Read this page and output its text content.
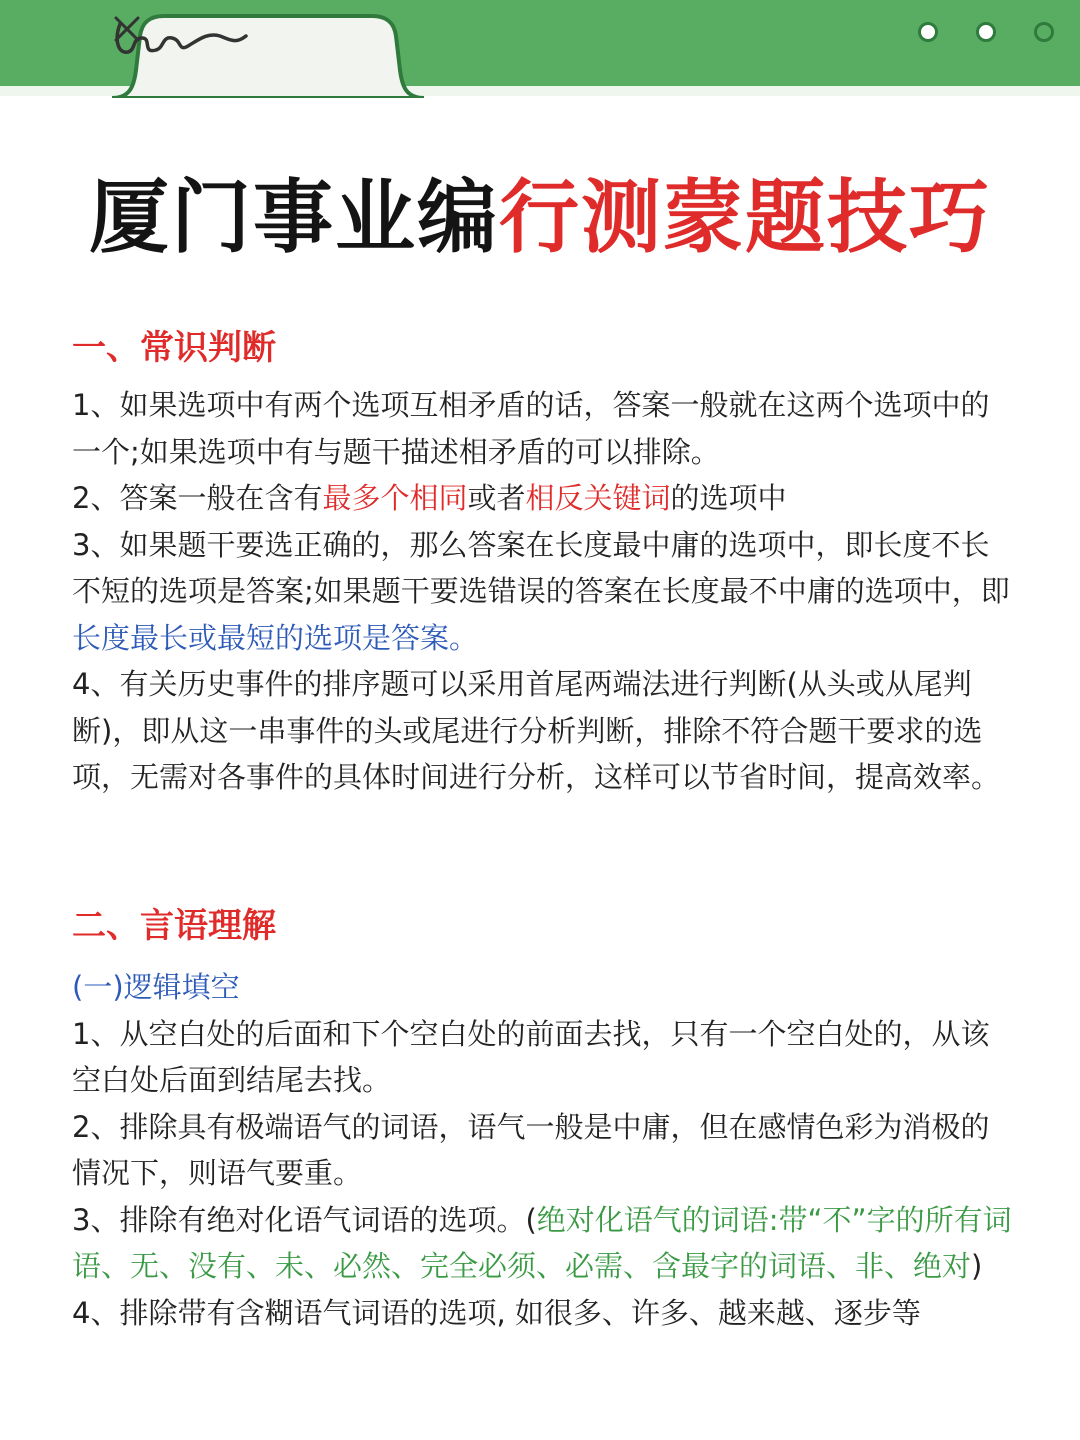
厦门事业编行测蒙题技巧
一、常识判断

1、如果选项中有两个选项互相矛盾的话，答案一般就在这两个选项中的一个;如果选项中有与题干描述相矛盾的可以排除。

2、答案一般在含有最多个相同或者相反关键词的选项中

3、如果题干要选正确的，那么答案在长度最中庸的选项中，即长度不长不短的选项是答案;如果题干要选错误的答案在长度最不中庸的选项中，即长度最长或最短的选项是答案。

4、有关历史事件的排序题可以采用首尾两端法进行判断(从头或从尾判断)，即从这一串事件的头或尾进行分析判断，排除不符合题干要求的选项，无需对各事件的具体时间进行分析，这样可以节省时间，提高效率。

二、言语理解

(一)逻辑填空

1、从空白处的后面和下个空白处的前面去找，只有一个空白处的，从该空白处后面到结尾去找。

2、排除具有极端语气的词语，语气一般是中庸，但在感情色彩为消极的情况下，则语气要重。

3、排除有绝对化语气词语的选项。(绝对化语气的词语:带“不”字的所有词语、无、没有、未、必然、完全必须、必需、含最字的词语、非、绝对)

4、排除带有含糊语气词语的选项, 如很多、许多、越来越、逐步等
